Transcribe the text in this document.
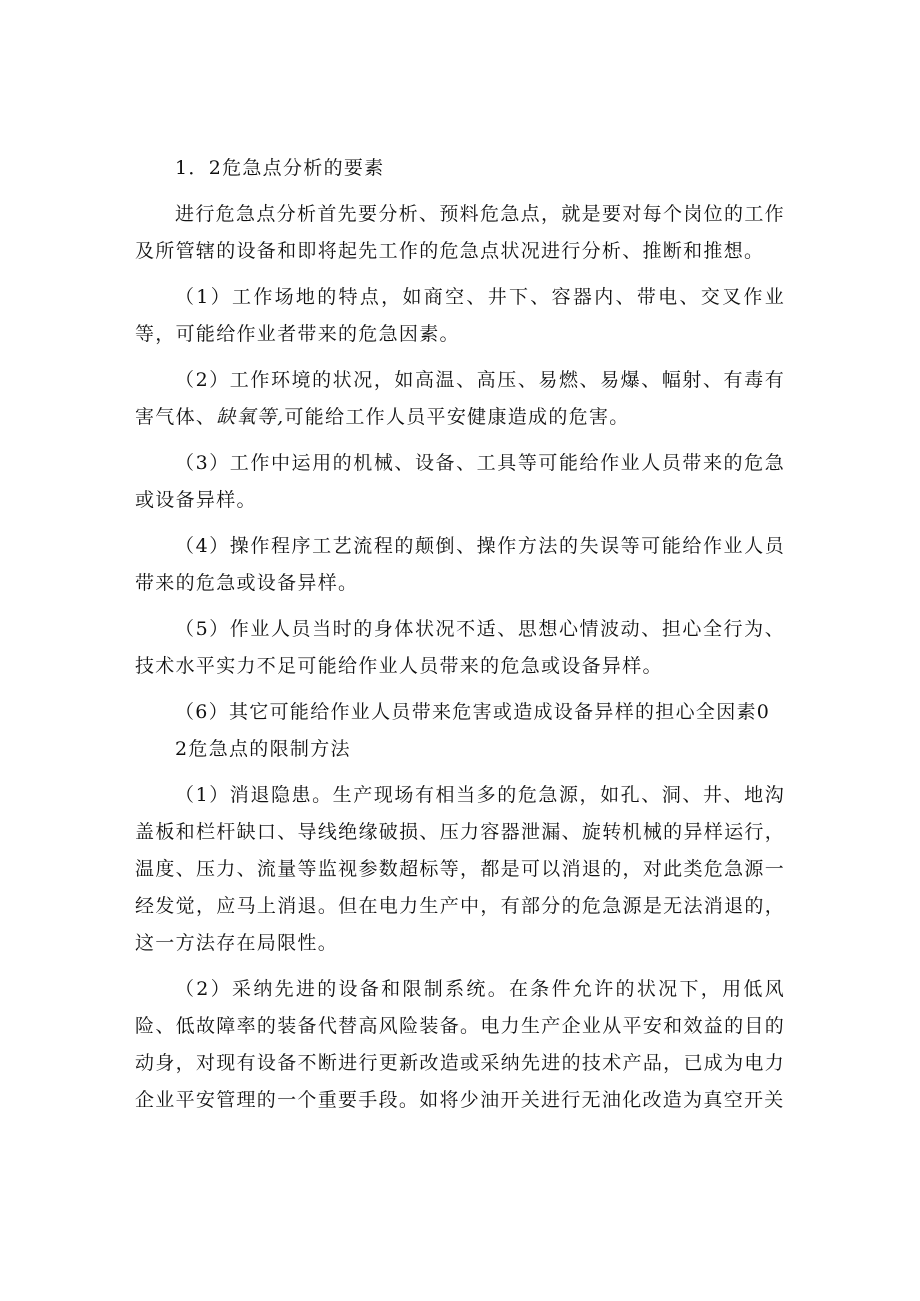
1．2危急点分析的要素

进行危急点分析首先要分析、预料危急点，就是要对每个岗位的工作及所管辖的设备和即将起先工作的危急点状况进行分析、推断和推想。

（1）工作场地的特点，如商空、井下、容器内、带电、交叉作业等，可能给作业者带来的危急因素。

（2）工作环境的状况，如高温、高压、易燃、易爆、幅射、有毒有害气体、缺氧等,可能给工作人员平安健康造成的危害。

（3）工作中运用的机械、设备、工具等可能给作业人员带来的危急或设备异样。

（4）操作程序工艺流程的颠倒、操作方法的失误等可能给作业人员带来的危急或设备异样。

（5）作业人员当时的身体状况不适、思想心情波动、担心全行为、技术水平实力不足可能给作业人员带来的危急或设备异样。

（6）其它可能给作业人员带来危害或造成设备异样的担心全因素0

2危急点的限制方法

（1）消退隐患。生产现场有相当多的危急源，如孔、洞、井、地沟盖板和栏杆缺口、导线绝缘破损、压力容器泄漏、旋转机械的异样运行，温度、压力、流量等监视参数超标等，都是可以消退的，对此类危急源一经发觉，应马上消退。但在电力生产中，有部分的危急源是无法消退的，这一方法存在局限性。

（2）采纳先进的设备和限制系统。在条件允许的状况下，用低风险、低故障率的装备代替高风险装备。电力生产企业从平安和效益的目的动身，对现有设备不断进行更新改造或采纳先进的技术产品，已成为电力企业平安管理的一个重要手段。如将少油开关进行无油化改造为真空开关
